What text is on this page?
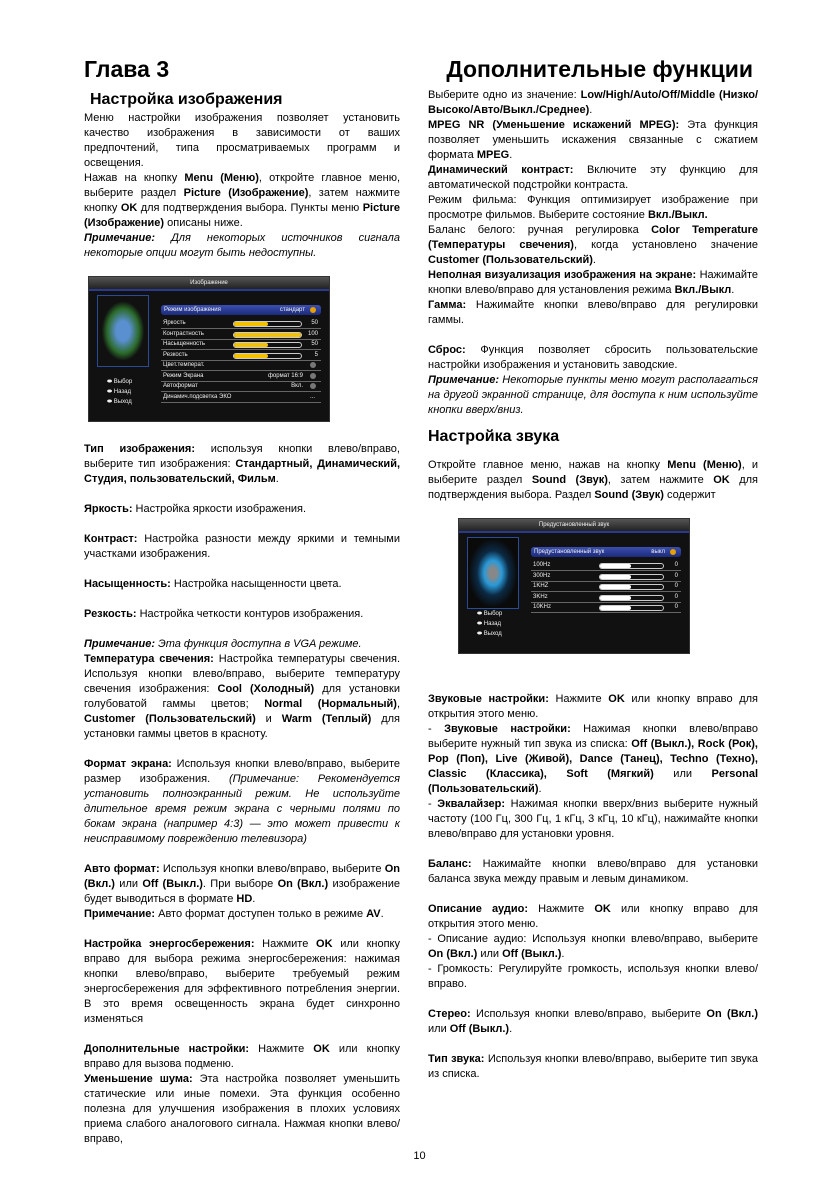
Глава 3	Дополнительные функции
Настройка изображения

Меню настройки изображения позволяет установить качество изображения в зависимости от ваших предпочтений, типа просматриваемых программ и освещения.

Нажав на кнопку Menu (Меню), откройте главное меню, выберите раздел Picture (Изображение), затем нажмите кнопку OK для подтверждения выбора. Пункты меню Picture (Изображение) описаны ниже.

Примечание: Для некоторых источников сигнала некоторые опции могут быть недоступны.

Изображение
Режим изображения	стандарт
Яркость	50
Контрастность	100
Насыщенность	50
Резкость	5
Цвет.температ.
Режим Экрана	формат 16:9
Автоформат	Вкл.
Динамич.подсветка ЭКО	...
⬬ Выбор
⬬ Назад
⬬ Выход

Тип изображения: используя кнопки влево/вправо, выберите тип изображения: Стандартный, Динамический, Студия, пользовательский, Фильм.

Яркость: Настройка яркости изображения.

Контраст: Настройка разности между яркими и темными участками изображения.

Насыщенность: Настройка насыщенности цвета.

Резкость: Настройка четкости контуров изображения.

Примечание: Эта функция доступна в VGA режиме.

Температура свечения: Настройка температуры свечения. Используя кнопки влево/вправо, выберите температуру свечения изображения: Cool (Холодный) для установки голубоватой гаммы цветов; Normal (Нормальный), Customer (Пользовательский) и Warm (Теплый) для установки гаммы цветов в красноту.

Формат экрана: Используя кнопки влево/вправо, выберите размер изображения. (Примечание: Рекомендуется установить полноэкранный режим. Не используйте длительное время режим экрана с черными полями по бокам экрана (например 4:3) — это может привести к неисправимому повреждению телевизора)

Авто формат: Используя кнопки влево/вправо, выберите On (Вкл.) или Off (Выкл.). При выборе On (Вкл.) изображение будет выводиться в формате HD.

Примечание: Авто формат доступен только в режиме AV.

Настройка энергосбережения: Нажмите OK или кнопку вправо для выбора режима энергосбережения: нажимая кнопки влево/вправо, выберите требуемый режим энергосбережения для эффективного потребления энергии. В это время освещенность экрана будет синхронно изменяться

Дополнительные настройки: Нажмите OK или кнопку вправо для вызова подменю.

Уменьшение шума: Эта настройка позволяет уменьшить статические или иные помехи. Эта функция особенно полезна для улучшения изображения в плохих условиях приема слабого аналогового сигнала. Нажмая кнопки влево/вправо,

Выберите одно из значение: Low/High/Auto/Off/Middle (Низко/Высоко/Авто/Выкл./Среднее).

MPEG NR (Уменьшение искажений MPEG): Эта функция позволяет уменьшить искажения связанные с сжатием формата MPEG.

Динамический контраст: Включите эту функцию для автоматической подстройки контраста.

Режим фильма: Функция оптимизирует изображение при просмотре фильмов. Выберите состояние Вкл./Выкл.

Баланс белого: ручная регулировка Color Temperature (Температуры свечения), когда установлено значение Customer (Пользовательский).

Неполная визуализация изображения на экране: Нажимайте кнопки влево/вправо для установления режима Вкл./Выкл.

Гамма: Нажимайте кнопки влево/вправо для регулировки гаммы.

Сброс: Функция позволяет сбросить пользовательские настройки изображения и установить заводские.

Примечание: Некоторые пункты меню могут располагаться на другой экранной странице, для доступа к ним используйте кнопки вверх/вниз.

Настройка звука

Откройте главное меню, нажав на кнопку Menu (Меню), и выберите раздел Sound (Звук), затем нажмите OK для подтверждения выбора. Раздел Sound (Звук) содержит

Предустановленный звук
Предустановленный звук	выкл
100Hz	0
300Hz	0
1KHZ	0
3KHz	0
10KHz	0
⬬ Выбор
⬬ Назад
⬬ Выход

Звуковые настройки: Нажмите OK или кнопку вправо для открытия этого меню.

- Звуковые настройки: Нажимая кнопки влево/вправо выберите нужный тип звука из списка: Off (Выкл.), Rock (Рок), Pop (Поп), Live (Живой), Dance (Танец), Techno (Техно), Classic (Классика), Soft (Мягкий) или Personal (Пользовательский).

- Эквалайзер: Нажимая кнопки вверх/вниз выберите нужный частоту (100 Гц, 300 Гц, 1 кГц, 3 кГц, 10 кГц), нажимайте кнопки влево/вправо для установки уровня.

Баланс: Нажимайте кнопки влево/вправо для установки баланса звука между правым и левым динамиком.

Описание аудио: Нажмите OK или кнопку вправо для открытия этого меню.

- Описание аудио: Используя кнопки влево/вправо, выберите On (Вкл.) или Off (Выкл.).

- Громкость: Регулируйте громкость, используя кнопки влево/вправо.

Стерео: Используя кнопки влево/вправо, выберите On (Вкл.) или Off (Выкл.).

Тип звука: Используя кнопки влево/вправо, выберите тип звука из списка.

10
